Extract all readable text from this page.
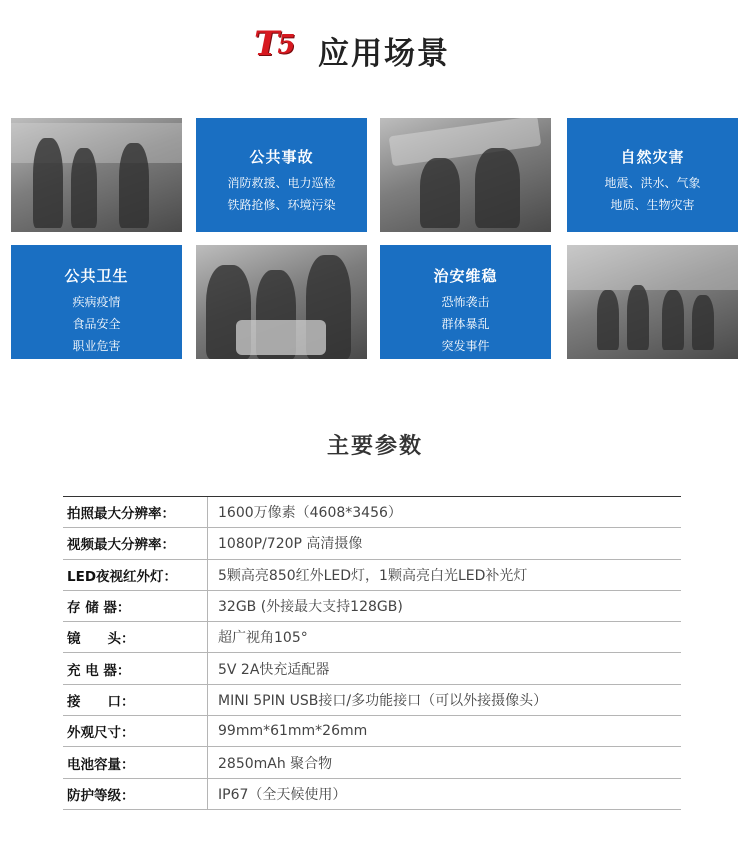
T5 应用场景
公共事故
消防救援、电力巡检
铁路抢修、环境污染
自然灾害
地震、洪水、气象
地质、生物灾害
公共卫生
疾病疫情
食品安全
职业危害
治安维稳
恐怖袭击
群体暴乱
突发事件
主要参数
拍照最大分辨率：	1600万像素（4608*3456）
视频最大分辨率：	1080P/720P 高清摄像
LED夜视红外灯：	5颗高亮850红外LED灯，1颗高亮白光LED补光灯
存 储 器：	32GB (外接最大支持128GB)
镜　　头：	超广视角105°
充 电 器：	5V 2A快充适配器
接　　口：	MINI 5PIN USB接口/多功能接口（可以外接摄像头）
外观尺寸：	99mm*61mm*26mm
电池容量：	2850mAh 聚合物
防护等级：	IP67（全天候使用）
